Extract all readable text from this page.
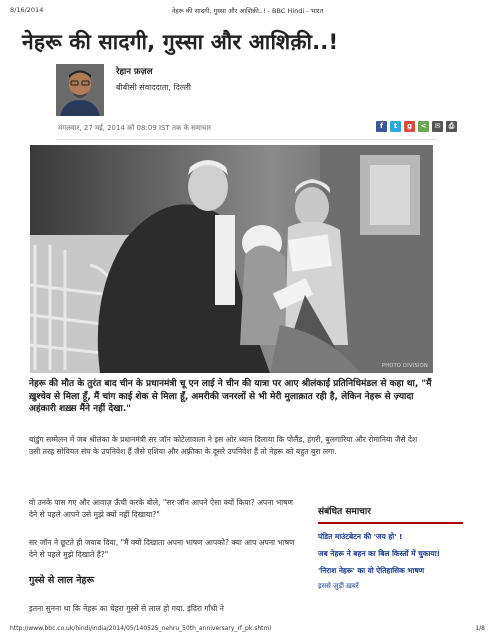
8/16/2014	नेहरू की सादगी, गुस्सा और आशिक़ी..! - BBC Hindi - भारत
नेहरू की सादगी, गुस्सा और आशिक़ी..!
रेहान फ़ज़ल
बीबीसी संवाददाता, दिल्ली
मंगलवार, 27 मई, 2014 को 08:09 IST तक के समाचार	f	t	g	<	✉	⎙
PHOTO DIVISION

नेहरू की मौत के तुरंत बाद चीन के प्रधानमंत्री चू एन लाई ने चीन की यात्रा पर आए श्रीलंकाई प्रतिनिधिमंडल से कहा था, "मैं ख़ुश्चेव से मिला हूँ, मैं चांग काई शेक से मिला हूँ, अमरीकी जनरलों से भी मेरी मुलाक़ात रही है, लेकिन नेहरू से ज़्यादा अहंकारी शख़्स मैंने नहीं देखा."

बांडुंग सम्मेलन में जब श्रीलंका के प्रधानमंत्री सर जॉन कोटेलावाला ने इस ओर ध्यान दिलाया कि पोलैंड, हंगरी, बुलगारिया और रोमानिया जैसे देश उसी तरह सोवियत संघ के उपनिवेश हैं जैसे एशिया और अफ़्रीका के दूसरे उपनिवेश हैं तो नेहरू को बहुत बुरा लगा.

वो उनके पास गए और आवाज़ ऊँची करके बोले, "सर जॉन आपने ऐसा क्यों किया? अपना भाषण देने से पहले आपने उसे मुझे क्यों नहीं दिखाया?"

सर जॉन ने छूटते ही जवाब दिया, "मैं क्यों दिखाता अपना भाषण आपको? क्या आप अपना भाषण देने से पहले मुझे दिखाते हैं?"

गुस्से से लाल नेहरू

इतना सुनना था कि नेहरू का चेहरा गुस्से से लाल हो गया. इंदिरा गाँधी ने

संबंधित समाचार
पंडित माउंटबेटन की 'जय हो' !
जब नेहरू ने बहन का बिल किस्तों में चुकाया!
'निराश नेहरू' का वो ऐतिहासिक भाषण
इससे जुड़ी ख़बरें
http://www.bbc.co.uk/hindi/india/2014/05/140525_nehru_50th_anniversary_rf_pk.shtml	1/8
